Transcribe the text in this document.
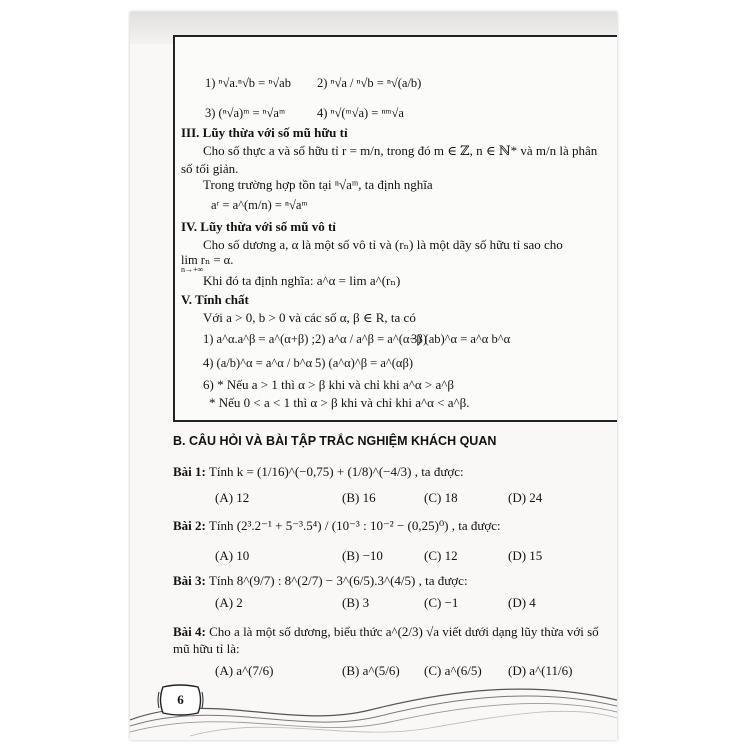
1) ⁿ√a.ⁿ√b = ⁿ√ab 2) ⁿ√a / ⁿ√b = ⁿ√(a/b)
3) (ⁿ√a)ᵐ = ⁿ√aᵐ	4) ⁿ√(ᵐ√a) = ⁿᵐ√a
III. Lũy thừa với số mũ hữu tỉ
Cho số thực a và số hữu tỉ r = m/n, trong đó m ∈ ℤ, n ∈ ℕ* và m/n là phân
số tối giản.
Trong trường hợp tồn tại ⁿ√aᵐ, ta định nghĩa
aʳ = a^(m/n) = ⁿ√aᵐ
IV. Lũy thừa với số mũ vô tỉ
Cho số dương a, α là một số vô tỉ và (rₙ) là một dãy số hữu tỉ sao cho
lim rₙ = α.
n→+∞
Khi đó ta định nghĩa: a^α = lim a^(rₙ)
V. Tính chất
Với a > 0, b > 0 và các số α, β ∈ R, ta có
1) a^α.a^β = a^(α+β) ; 2) a^α / a^β = a^(α−β)
3) (ab)^α = a^α b^α
4) (a/b)^α = a^α / b^α 5) (a^α)^β = a^(αβ)
6) * Nếu a > 1 thì α > β khi và chỉ khi a^α > a^β
* Nếu 0 < a < 1 thì α > β khi và chỉ khi a^α < a^β.
B. CÂU HỎI VÀ BÀI TẬP TRẮC NGHIỆM KHÁCH QUAN
Bài 1: Tính k = (1/16)^(−0,75) + (1/8)^(−4/3) , ta được:
(A) 12	(B) 16	(C) 18	(D) 24
Bài 2: Tính (2³.2⁻¹ + 5⁻³.5⁴) / (10⁻³ : 10⁻² − (0,25)⁰) , ta được:
(A) 10	(B) −10	(C) 12	(D) 15
Bài 3: Tính 8^(9/7) : 8^(2/7) − 3^(6/5).3^(4/5) , ta được:
(A) 2	(B) 3	(C) −1	(D) 4
Bài 4: Cho a là một số dương, biểu thức a^(2/3) √a viết dưới dạng lũy thừa với số
mũ hữu tỉ là:
(A) a^(7/6)	(B) a^(5/6) (C) a^(6/5) (D) a^(11/6)
6
